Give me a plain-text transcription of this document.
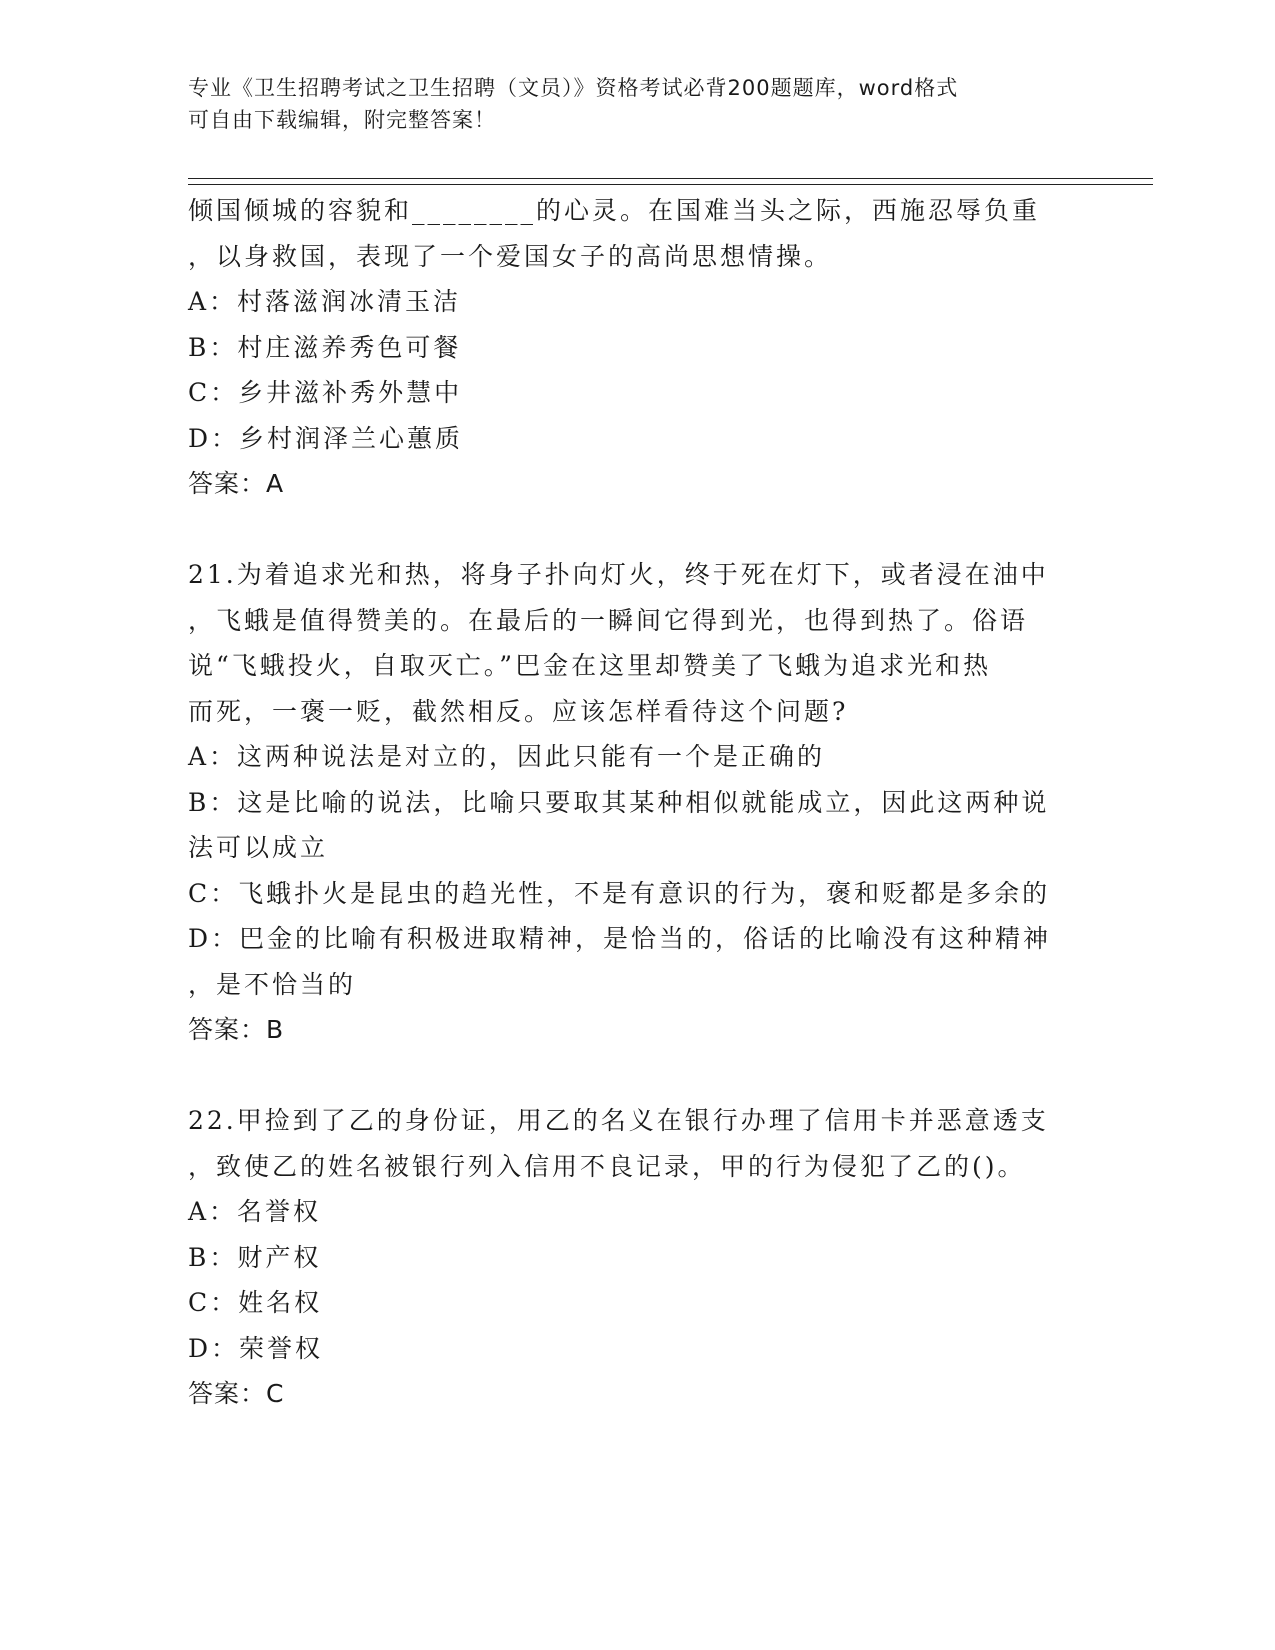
专业《卫生招聘考试之卫生招聘（文员）》资格考试必背200题题库，word格式
可自由下载编辑，附完整答案！
倾国倾城的容貌和________的心灵。在国难当头之际，西施忍辱负重
，以身救国，表现了一个爱国女子的高尚思想情操。
A：村落滋润冰清玉洁
B：村庄滋养秀色可餐
C：乡井滋补秀外慧中
D：乡村润泽兰心蕙质
答案：A
21.为着追求光和热，将身子扑向灯火，终于死在灯下，或者浸在油中
，飞蛾是值得赞美的。在最后的一瞬间它得到光，也得到热了。俗语
说“飞蛾投火，自取灭亡。”巴金在这里却赞美了飞蛾为追求光和热
而死，一褒一贬，截然相反。应该怎样看待这个问题?
A：这两种说法是对立的，因此只能有一个是正确的
B：这是比喻的说法，比喻只要取其某种相似就能成立，因此这两种说
法可以成立
C：飞蛾扑火是昆虫的趋光性，不是有意识的行为，褒和贬都是多余的
D：巴金的比喻有积极进取精神，是恰当的，俗话的比喻没有这种精神
，是不恰当的
答案：B
22.甲捡到了乙的身份证，用乙的名义在银行办理了信用卡并恶意透支
，致使乙的姓名被银行列入信用不良记录，甲的行为侵犯了乙的()。
A：名誉权
B：财产权
C：姓名权
D：荣誉权
答案：C
